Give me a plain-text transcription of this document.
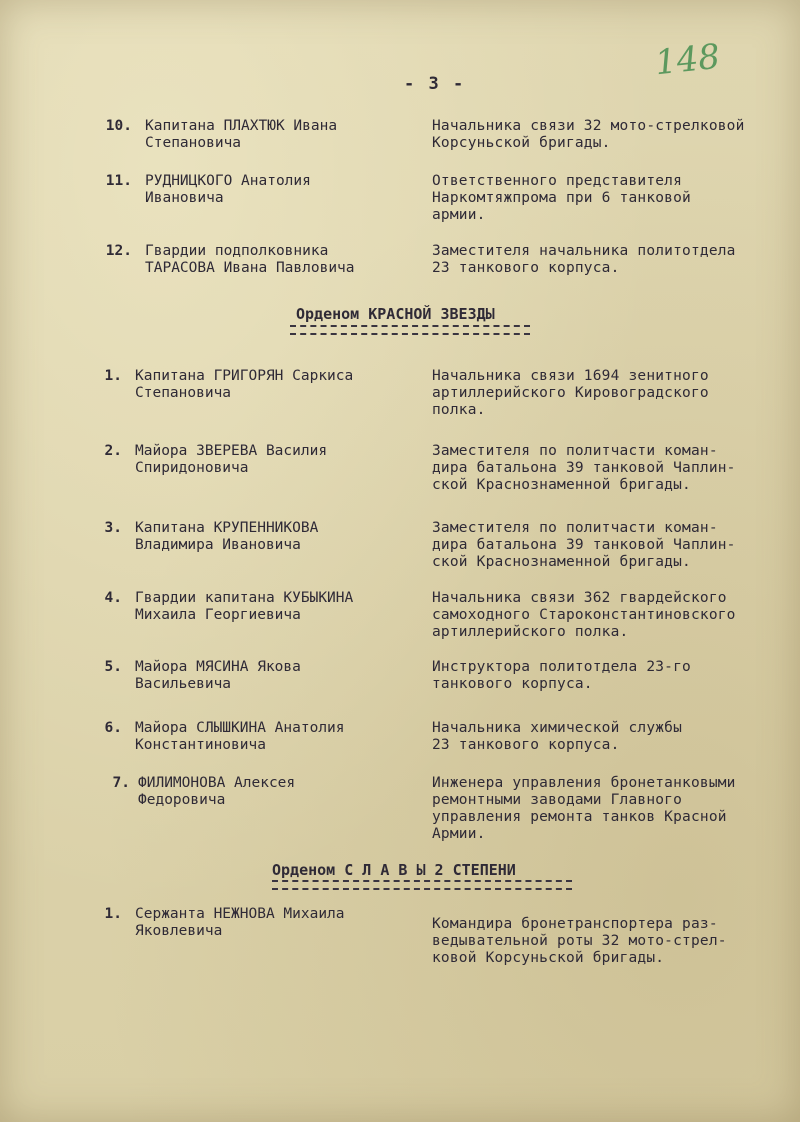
148
- 3 -
10. Капитана ПЛАХТЮК Ивана
Степановича
Начальника связи 32 мото-стрелковой
Корсуньской бригады.
11. РУДНИЦКОГО Анатолия
Ивановича
Ответственного представителя
Наркомтяжпрома при 6 танковой
армии.
12. Гвардии подполковника
ТАРАСОВА Ивана Павловича
Заместителя начальника политотдела
23 танкового корпуса.
Орденом КРАСНОЙ ЗВЕЗДЫ
1. Капитана ГРИГОРЯН Саркиса
Степановича
Начальника связи 1694 зенитного
артиллерийского Кировоградского
полка.
2. Майора ЗВЕРЕВА Василия
Спиридоновича
Заместителя по политчасти коман-
дира батальона 39 танковой Чаплин-
ской Краснознаменной бригады.
3. Капитана КРУПЕННИКОВА
Владимира Ивановича
Заместителя по политчасти коман-
дира батальона 39 танковой Чаплин-
ской Краснознаменной бригады.
4. Гвардии капитана КУБЫКИНА
Михаила Георгиевича
Начальника связи 362 гвардейского
самоходного Староконстантиновского
артиллерийского полка.
5. Майора МЯСИНА Якова
Васильевича
Инструктора политотдела 23-го
танкового корпуса.
6. Майора СЛЫШКИНА Анатолия
Константиновича
Начальника химической службы
23 танкового корпуса.
7. ФИЛИМОНОВА Алексея
Федоровича
Инженера управления бронетанковыми
ремонтными заводами Главного
управления ремонта танков Красной
Армии.
Орденом С Л А В Ы 2 СТЕПЕНИ
1. Сержанта НЕЖНОВА Михаила
Яковлевича	Командира бронетранспортера раз-
ведывательной роты 32 мото-стрел-
ковой Корсуньской бригады.
